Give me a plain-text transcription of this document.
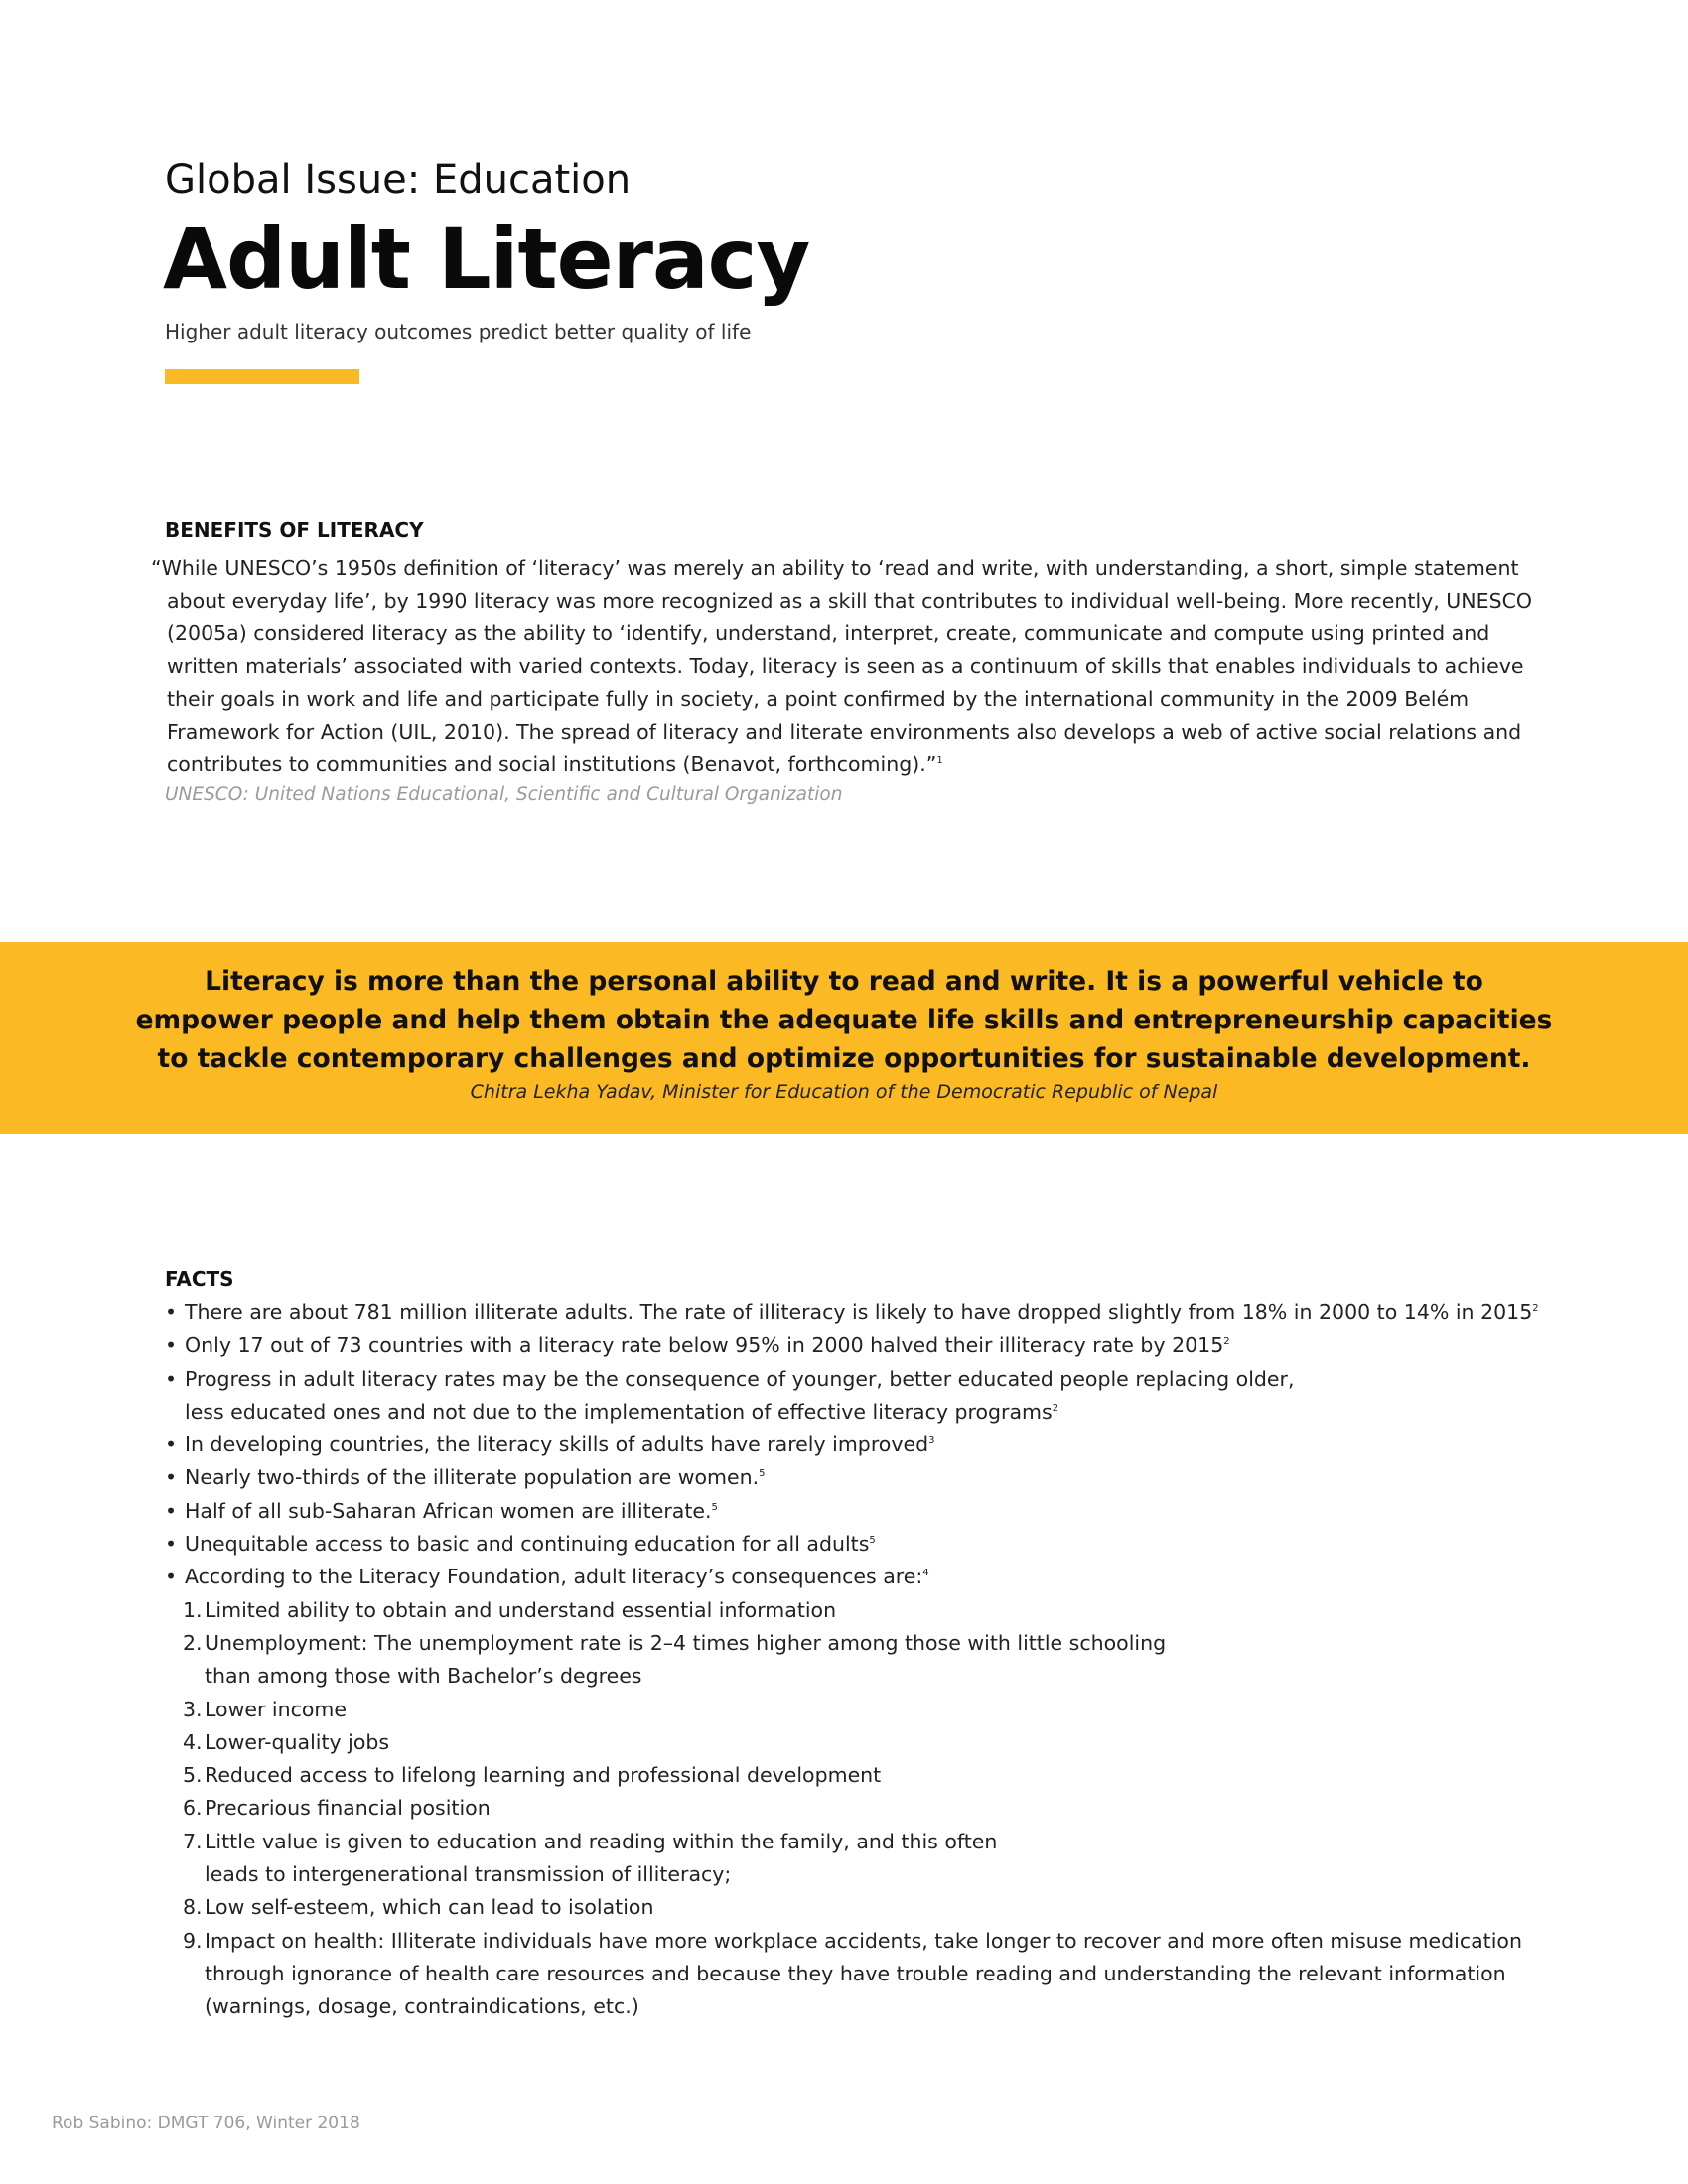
Global Issue: Education
Adult Literacy
Higher adult literacy outcomes predict better quality of life
BENEFITS OF LITERACY

“While UNESCO’s 1950s definition of ‘literacy’ was merely an ability to ‘read and write, with understanding, a short, simple statement
about everyday life’, by 1990 literacy was more recognized as a skill that contributes to individual well-being. More recently, UNESCO
(2005a) considered literacy as the ability to ‘identify, understand, interpret, create, communicate and compute using printed and
written materials’ associated with varied contexts. Today, literacy is seen as a continuum of skills that enables individuals to achieve
their goals in work and life and participate fully in society, a point confirmed by the international community in the 2009 Belém
Framework for Action (UIL, 2010). The spread of literacy and literate environments also develops a web of active social relations and
contributes to communities and social institutions (Benavot, forthcoming).”$^1$

UNESCO: United Nations Educational, Scientific and Cultural Organization

Literacy is more than the personal ability to read and write. It is a powerful vehicle to
empower people and help them obtain the adequate life skills and entrepreneurship capacities
to tackle contemporary challenges and optimize opportunities for sustainable development.

Chitra Lekha Yadav, Minister for Education of the Democratic Republic of Nepal
FACTS
• There are about 781 million illiterate adults. The rate of illiteracy is likely to have dropped slightly from 18% in 2000 to 14% in 2015$^2$
• Only 17 out of 73 countries with a literacy rate below 95% in 2000 halved their illiteracy rate by 2015$^2$
• Progress in adult literacy rates may be the consequence of younger, better educated people replacing older,
less educated ones and not due to the implementation of effective literacy programs$^2$
• In developing countries, the literacy skills of adults have rarely improved$^3$
• Nearly two-thirds of the illiterate population are women.$^5$
• Half of all sub-Saharan African women are illiterate.$^5$
• Unequitable access to basic and continuing education for all adults$^5$
• According to the Literacy Foundation, adult literacy’s consequences are:$^4$
1. Limited ability to obtain and understand essential information
2. Unemployment: The unemployment rate is 2–4 times higher among those with little schooling
than among those with Bachelor’s degrees
3. Lower income
4. Lower-quality jobs
5. Reduced access to lifelong learning and professional development
6. Precarious financial position
7. Little value is given to education and reading within the family, and this often
leads to intergenerational transmission of illiteracy;
8. Low self-esteem, which can lead to isolation
9. Impact on health: Illiterate individuals have more workplace accidents, take longer to recover and more often misuse medication
through ignorance of health care resources and because they have trouble reading and understanding the relevant information
(warnings, dosage, contraindications, etc.)
Rob Sabino: DMGT 706, Winter 2018
